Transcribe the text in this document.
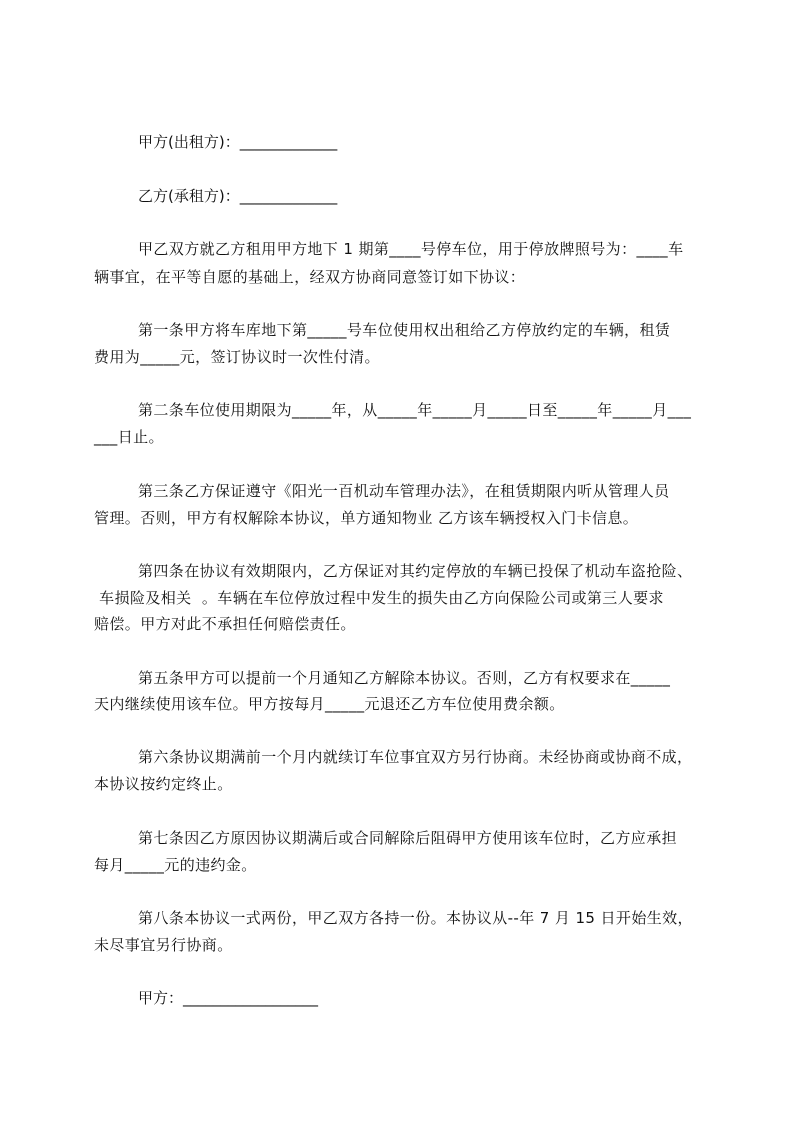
甲方(出租方)：_____________
乙方(承租方)：_____________
甲乙双方就乙方租用甲方地下 1 期第____号停车位，用于停放牌照号为：____车
辆事宜，在平等自愿的基础上，经双方协商同意签订如下协议：
第一条甲方将车库地下第_____号车位使用权出租给乙方停放约定的车辆，租赁
费用为_____元，签订协议时一次性付清。
第二条车位使用期限为_____年，从_____年_____月_____日至_____年_____月___
___日止。
第三条乙方保证遵守《阳光一百机动车管理办法》，在租赁期限内听从管理人员
管理。否则，甲方有权解除本协议，单方通知物业 乙方该车辆授权入门卡信息。
第四条在协议有效期限内，乙方保证对其约定停放的车辆已投保了机动车盗抢险、
车损险及相关  。车辆在车位停放过程中发生的损失由乙方向保险公司或第三人要求
赔偿。甲方对此不承担任何赔偿责任。
第五条甲方可以提前一个月通知乙方解除本协议。否则，乙方有权要求在_____
天内继续使用该车位。甲方按每月_____元退还乙方车位使用费余额。
第六条协议期满前一个月内就续订车位事宜双方另行协商。未经协商或协商不成，
本协议按约定终止。
第七条因乙方原因协议期满后或合同解除后阻碍甲方使用该车位时，乙方应承担
每月_____元的违约金。
第八条本协议一式两份，甲乙双方各持一份。本协议从--年 7 月 15 日开始生效，
未尽事宜另行协商。
甲方：__________________
